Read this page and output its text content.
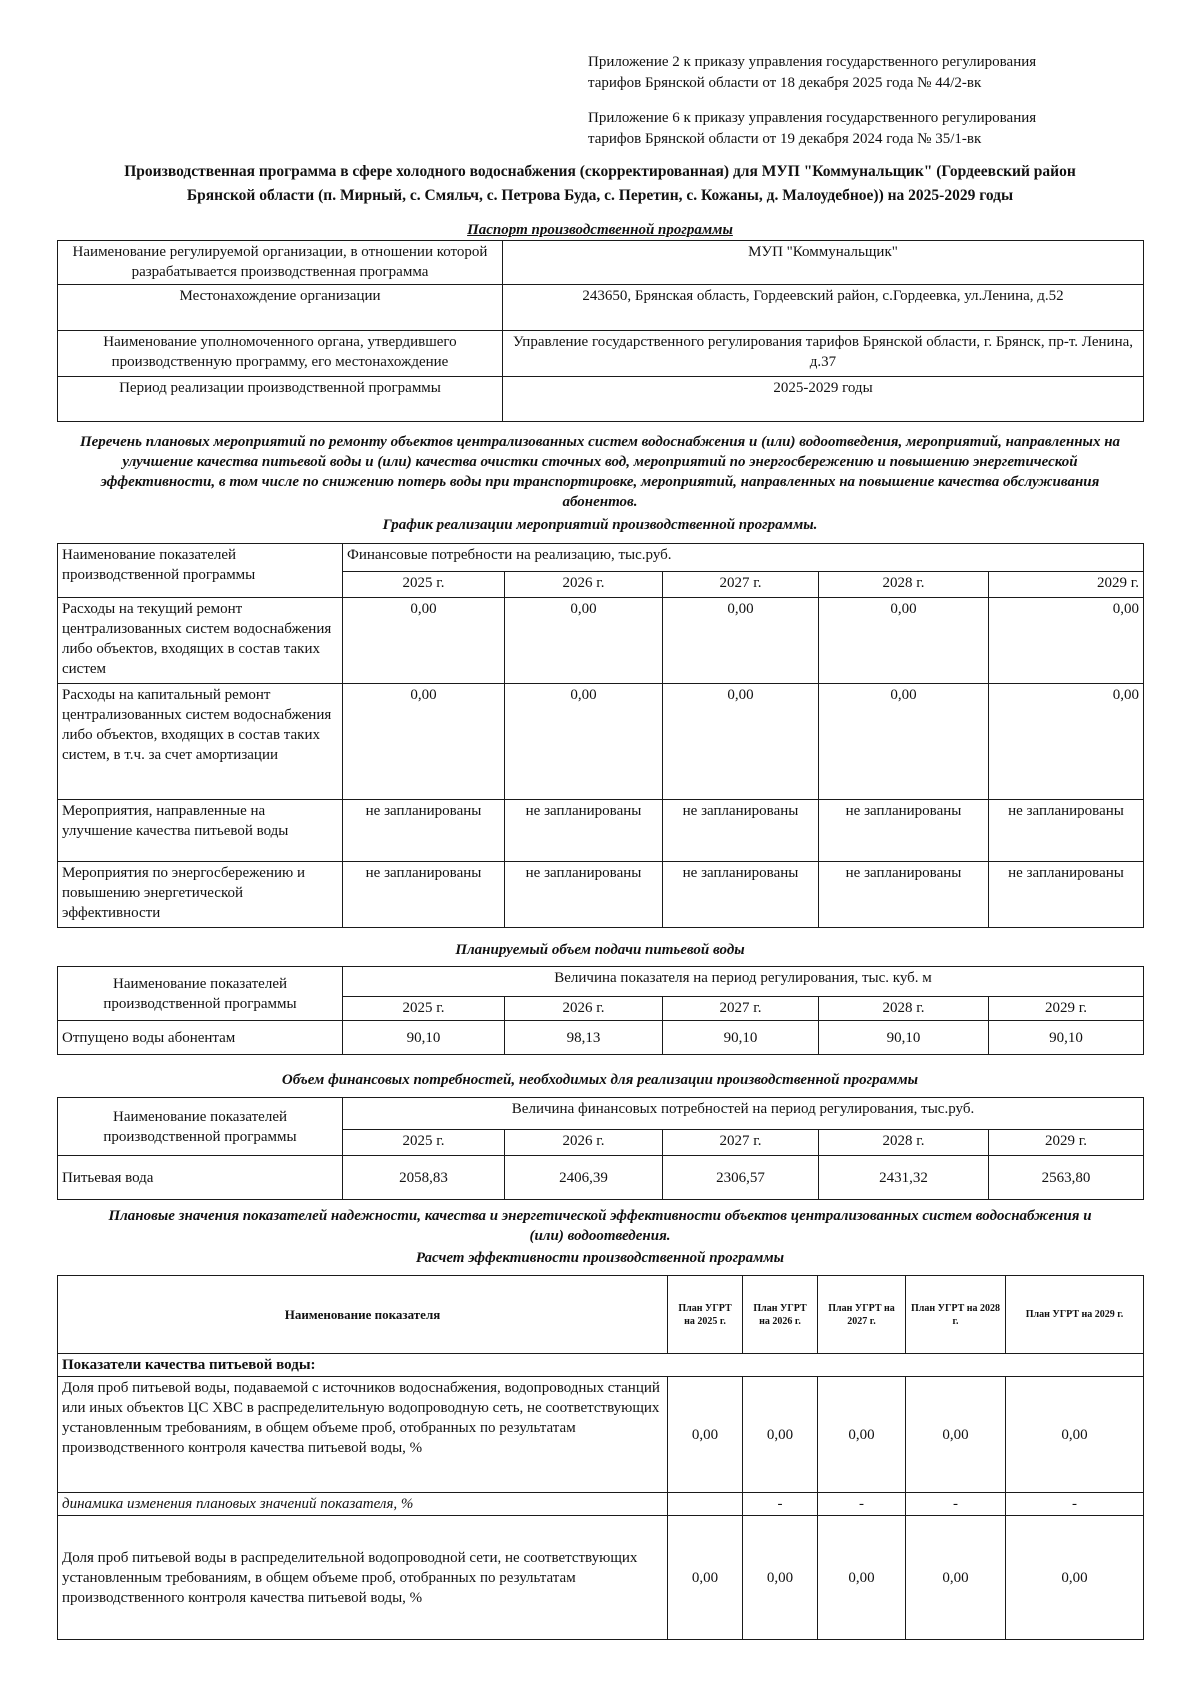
Приложение 2 к приказу управления государственного регулирования
тарифов Брянской области от 18 декабря 2025 года № 44/2-вк
Приложение 6 к приказу управления государственного регулирования
тарифов Брянской области от 19 декабря 2024 года № 35/1-вк
Производственная программа в сфере холодного водоснабжения (скорректированная) для МУП "Коммунальщик" (Гордеевский район
Брянской области (п. Мирный, с. Смяльч, с. Петрова Буда, с. Перетин, с. Кожаны, д. Малоудебное)) на 2025-2029 годы
Паспорт производственной программы
Наименование регулируемой организации, в отношении которой разрабатывается производственная программа	МУП "Коммунальщик"
Местонахождение организации	243650, Брянская область, Гордеевский район, с.Гордеевка, ул.Ленина, д.52
Наименование уполномоченного органа, утвердившего производственную программу, его местонахождение	Управление государственного регулирования тарифов Брянской области, г. Брянск, пр-т. Ленина, д.37
Период реализации производственной программы	2025-2029 годы
Перечень плановых мероприятий по ремонту объектов централизованных систем водоснабжения и (или) водоотведения, мероприятий, направленных на улучшение качества питьевой воды и (или) качества очистки сточных вод, мероприятий по энергосбережению и повышению энергетической эффективности, в том числе по снижению потерь воды при транспортировке, мероприятий, направленных на повышение качества обслуживания абонентов.
График реализации мероприятий производственной программы.
Наименование показателей производственной программы	Финансовые потребности на реализацию, тыс.руб.				
	2025 г.	2026 г.	2027 г.	2028 г.	2029 г.
Расходы на текущий ремонт централизованных систем водоснабжения либо объектов, входящих в состав таких систем	0,00	0,00	0,00	0,00	0,00
Расходы на капитальный ремонт централизованных систем водоснабжения либо объектов, входящих в состав таких систем, в т.ч. за счет амортизации	0,00	0,00	0,00	0,00	0,00
Мероприятия, направленные на улучшение качества питьевой воды	не запланированы	не запланированы	не запланированы	не запланированы	не запланированы
Мероприятия по энергосбережению и повышению энергетической эффективности	не запланированы	не запланированы	не запланированы	не запланированы	не запланированы
Планируемый объем подачи питьевой воды
Наименование показателей производственной программы	Величина показателя на период регулирования, тыс. куб. м				
	2025 г.	2026 г.	2027 г.	2028 г.	2029 г.
Отпущено воды абонентам	90,10	98,13	90,10	90,10	90,10
Объем финансовых потребностей, необходимых для реализации производственной программы
Наименование показателей производственной программы	Величина финансовых потребностей на период регулирования, тыс.руб.				
	2025 г.	2026 г.	2027 г.	2028 г.	2029 г.
Питьевая вода	2058,83	2406,39	2306,57	2431,32	2563,80
Плановые значения показателей надежности, качества и энергетической эффективности объектов централизованных систем водоснабжения и (или) водоотведения.
Расчет эффективности производственной программы
Наименование показателя	План УГРТ на 2025 г.	План УГРТ на 2026 г.	План УГРТ на 2027 г.	План УГРТ на 2028 г.	План УГРТ на 2029 г.
Показатели качества питьевой воды:					
Доля проб питьевой воды, подаваемой с источников водоснабжения, водопроводных станций или иных объектов ЦС ХВС в распределительную водопроводную сеть, не соответствующих установленным требованиям, в общем объеме проб, отобранных по результатам производственного контроля качества питьевой воды, %	0,00	0,00	0,00	0,00	0,00
динамика изменения плановых значений показателя, %		-	-	-	-
Доля проб питьевой воды в распределительной водопроводной сети, не соответствующих установленным требованиям, в общем объеме проб, отобранных по результатам производственного контроля качества питьевой воды, %	0,00	0,00	0,00	0,00	0,00
